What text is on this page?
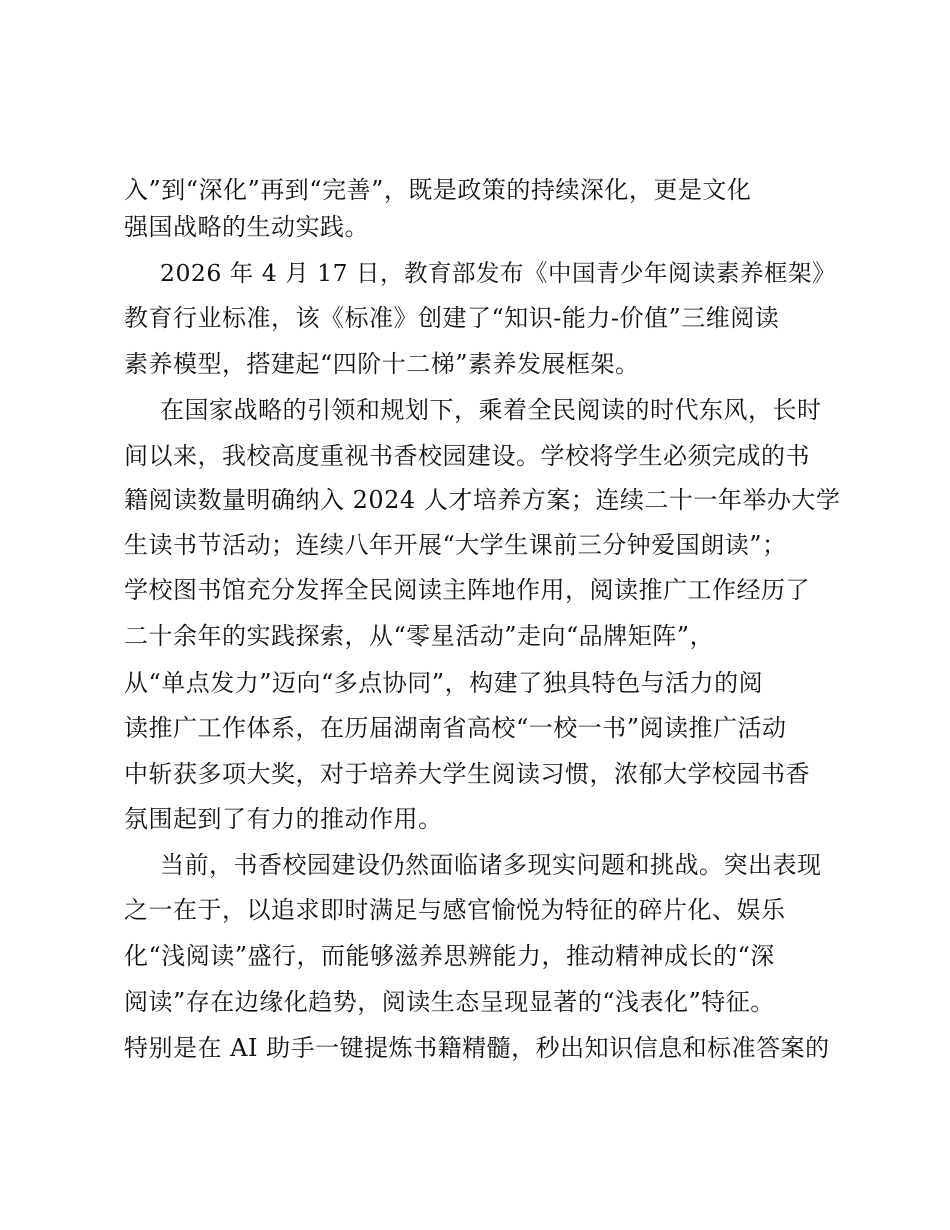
入”到“深化”再到“完善”，既是政策的持续深化，更是文化
强国战略的生动实践。
2026 年 4 月 17 日，教育部发布《中国青少年阅读素养框架》
教育行业标准，该《标准》创建了“知识-能力-价值”三维阅读
素养模型，搭建起“四阶十二梯”素养发展框架。
在国家战略的引领和规划下，乘着全民阅读的时代东风，长时
间以来，我校高度重视书香校园建设。学校将学生必须完成的书
籍阅读数量明确纳入 2024 人才培养方案；连续二十一年举办大学
生读书节活动；连续八年开展“大学生课前三分钟爱国朗读”；
学校图书馆充分发挥全民阅读主阵地作用，阅读推广工作经历了
二十余年的实践探索，从“零星活动”走向“品牌矩阵”，
从“单点发力”迈向“多点协同”，构建了独具特色与活力的阅
读推广工作体系，在历届湖南省高校“一校一书”阅读推广活动
中斩获多项大奖，对于培养大学生阅读习惯，浓郁大学校园书香
氛围起到了有力的推动作用。
当前，书香校园建设仍然面临诸多现实问题和挑战。突出表现
之一在于，以追求即时满足与感官愉悦为特征的碎片化、娱乐
化“浅阅读”盛行，而能够滋养思辨能力，推动精神成长的“深
阅读”存在边缘化趋势，阅读生态呈现显著的“浅表化”特征。
特别是在 AI 助手一键提炼书籍精髓，秒出知识信息和标准答案的
